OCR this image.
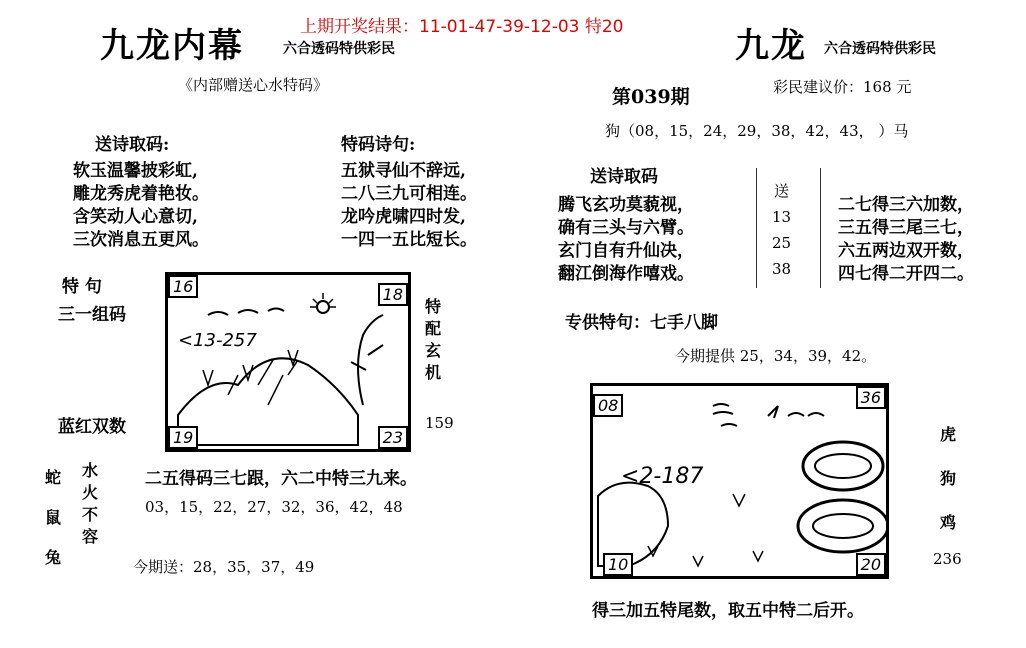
九龙内幕	六合透码特供彩民
《内部赠送心水特码》
上期开奖结果：11-01-47-39-12-03 特20
送诗取码:
软玉温馨披彩虹,
雕龙秀虎着艳妆。
含笑动人心意切,
三次消息五更风。
特码诗句:
五狱寻仙不辞远,
二八三九可相连。
龙吟虎啸四时发,
一四一五比短长。
特 句
三一组码
蓝红双数
16	18
19	23
<13-257
特
配
玄
机
159
蛇
鼠
兔
水
火
不
容
二五得码三七跟，六二中特三九来。
03，15，22，27，32，36，42，48
今期送：28，35，37，49
九龙 六合透码特供彩民
第039期	彩民建议价：168 元
狗（08，15，24，29，38，42，43， ）马
送诗取码
腾飞玄功莫藐视，
确有三头与六臂。
玄门自有升仙决，
翻江倒海作嘻戏。
送
13
25
38
二七得三六加数，
三五得三尾三七，
六五两边双开数，
四七得二开四二。
专供特句：七手八脚
今期提供 25，34，39，42。
08	36
10	20
<2-187
虎
狗
鸡
236
得三加五特尾数，取五中特二后开。
